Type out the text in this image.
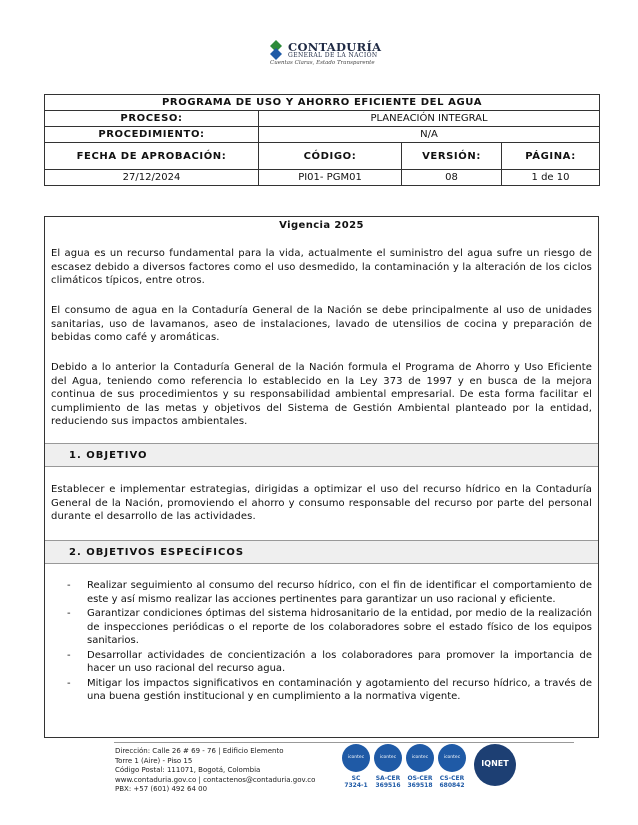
CONTADURÍA
GENERAL DE LA NACIÓN
Cuentas Claras, Estado Transparente
PROGRAMA DE USO Y AHORRO EFICIENTE DEL AGUA			
PROCESO:	PLANEACIÓN INTEGRAL		
PROCEDIMIENTO:	N/A		
FECHA DE APROBACIÓN:	CÓDIGO:	VERSIÓN:	PÁGINA:
27/12/2024	PI01- PGM01	08	1 de 10
Vigencia 2025
El agua es un recurso fundamental para la vida, actualmente el suministro del agua sufre un riesgo de escasez debido a diversos factores como el uso desmedido, la contaminación y la alteración de los ciclos climáticos típicos, entre otros.
El consumo de agua en la Contaduría General de la Nación se debe principalmente al uso de unidades sanitarias, uso de lavamanos, aseo de instalaciones, lavado de utensilios de cocina y preparación de bebidas como café y aromáticas.
Debido a lo anterior la Contaduría General de la Nación formula el Programa de Ahorro y Uso Eficiente del Agua, teniendo como referencia lo establecido en la Ley 373 de 1997 y en busca de la mejora continua de sus procedimientos y su responsabilidad ambiental empresarial. De esta forma facilitar el cumplimiento de las metas y objetivos del Sistema de Gestión Ambiental planteado por la entidad, reduciendo sus impactos ambientales.
1. OBJETIVO
Establecer e implementar estrategias, dirigidas a optimizar el uso del recurso hídrico en la Contaduría General de la Nación, promoviendo el ahorro y consumo responsable del recurso por parte del personal durante el desarrollo de las actividades.
2. OBJETIVOS ESPECÍFICOS
- Realizar seguimiento al consumo del recurso hídrico, con el fin de identificar el comportamiento de este y así mismo realizar las acciones pertinentes para garantizar un uso racional y eficiente.
- Garantizar condiciones óptimas del sistema hidrosanitario de la entidad, por medio de la realización de inspecciones periódicas o el reporte de los colaboradores sobre el estado físico de los equipos sanitarios.
- Desarrollar actividades de concientización a los colaboradores para promover la importancia de hacer un uso racional del recurso agua.
- Mitigar los impactos significativos en contaminación y agotamiento del recurso hídrico, a través de una buena gestión institucional y en cumplimiento a la normativa vigente.
Dirección: Calle 26 # 69 - 76 | Edificio Elemento
Torre 1 (Aire) - Piso 15
Código Postal: 111071, Bogotá, Colombia
www.contaduria.gov.co | contactenos@contaduria.gov.co
PBX: +57 (601) 492 64 00
icontec
SC
7324-1
icontec
SA-CER
369516
icontec
OS-CER
369518
icontec
CS-CER
680842
IQNET
